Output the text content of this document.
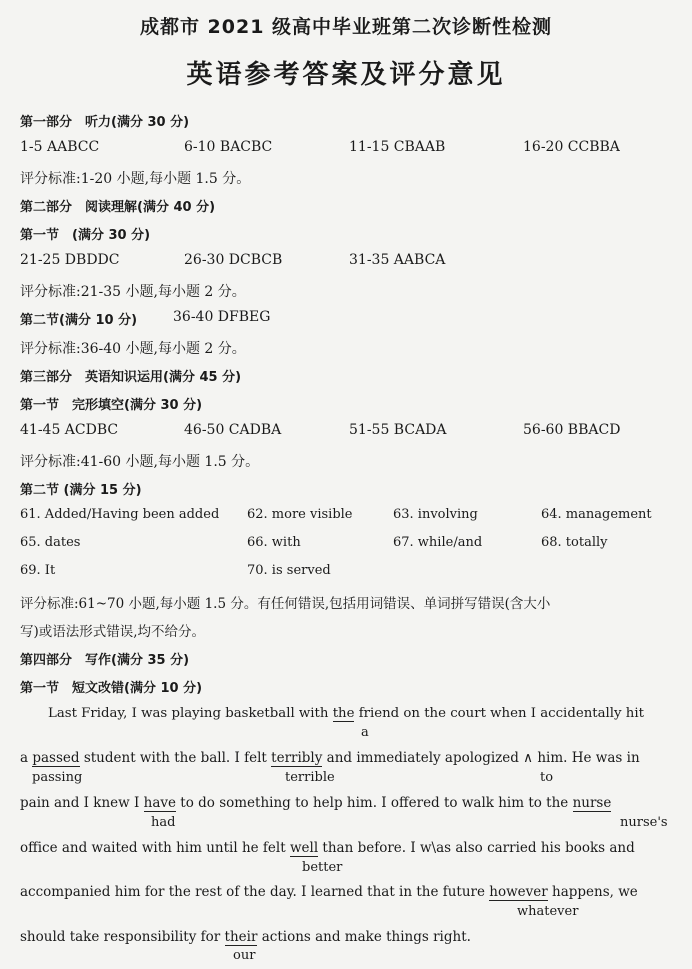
成都市 2021 级高中毕业班第二次诊断性检测
英语参考答案及评分意见
第一部分　听力(满分 30 分)
1-5 AABCC	6-10 BACBC	11-15 CBAAB	16-20 CCBBA
评分标准:1-20 小题,每小题 1.5 分。
第二部分　阅读理解(满分 40 分)
第一节　(满分 30 分)
21-25 DBDDC	26-30 DCBCB	31-35 AABCA
评分标准:21-35 小题,每小题 2 分。
第二节(满分 10 分)	36-40 DFBEG
评分标准:36-40 小题,每小题 2 分。
第三部分　英语知识运用(满分 45 分)
第一节　完形填空(满分 30 分)
41-45 ACDBC	46-50 CADBA	51-55 BCADA	56-60 BBACD
评分标准:41-60 小题,每小题 1.5 分。
第二节 (满分 15 分)
61. Added/Having been added 62. more visible	63. involving	64. management
65. dates	66. with	67. while/and	68. totally
69. It	70. is served
评分标准:61~70 小题,每小题 1.5 分。有任何错误,包括用词错误、单词拼写错误(含大小
写)或语法形式错误,均不给分。
第四部分　写作(满分 35 分)
第一节　短文改错(满分 10 分)
Last Friday, I was playing basketball with the friend on the court when I accidentally hit
a
a passed student with the ball. I felt terribly and immediately apologized ∧ him. He was in
passing	terrible	to
pain and I knew I have to do something to help him. I offered to walk him to the nurse
had	nurse's
office and waited with him until he felt well than before. I w\as also carried his books and
better
accompanied him for the rest of the day. I learned that in the future however happens, we
whatever
should take responsibility for their actions and make things right.
our
